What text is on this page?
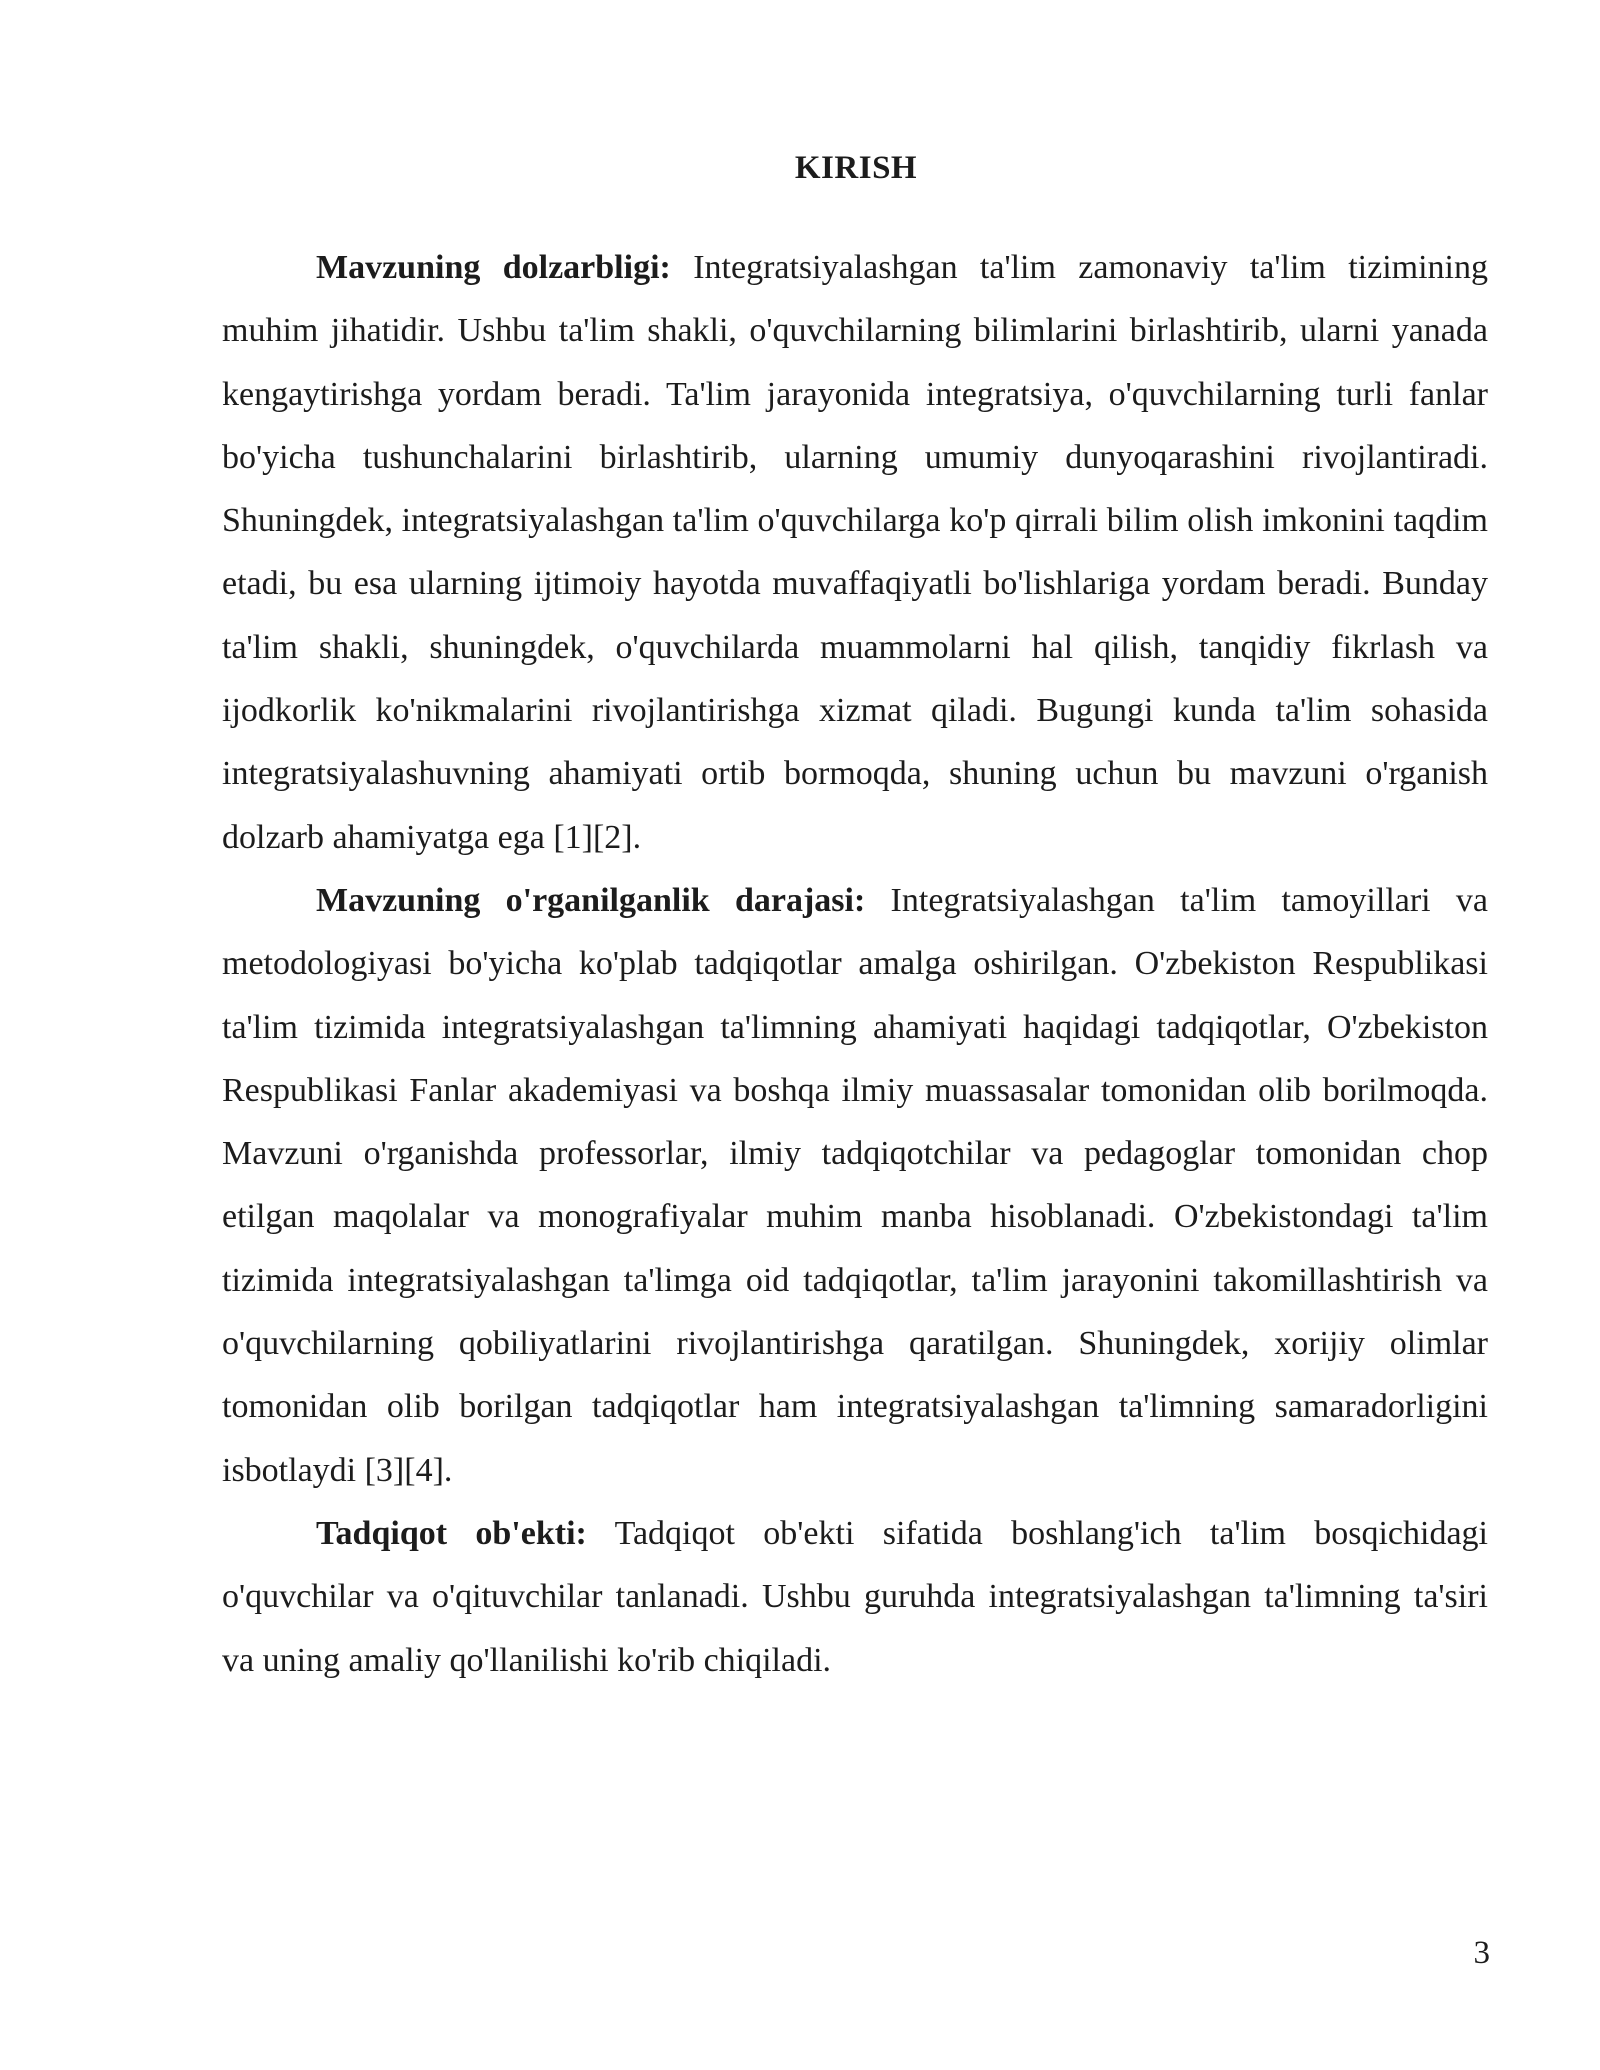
KIRISH

Mavzuning dolzarbligi: Integratsiyalashgan ta'lim zamonaviy ta'lim tizimining muhim jihatidir. Ushbu ta'lim shakli, o'quvchilarning bilimlarini birlashtirib, ularni yanada kengaytirishga yordam beradi. Ta'lim jarayonida integratsiya, o'quvchilarning turli fanlar bo'yicha tushunchalarini birlashtirib, ularning umumiy dunyoqarashini rivojlantiradi. Shuningdek, integratsiyalashgan ta'lim o'quvchilarga ko'p qirrali bilim olish imkonini taqdim etadi, bu esa ularning ijtimoiy hayotda muvaffaqiyatli bo'lishlariga yordam beradi. Bunday ta'lim shakli, shuningdek, o'quvchilarda muammolarni hal qilish, tanqidiy fikrlash va ijodkorlik ko'nikmalarini rivojlantirishga xizmat qiladi. Bugungi kunda ta'lim sohasida integratsiyalashuvning ahamiyati ortib bormoqda, shuning uchun bu mavzuni o'rganish dolzarb ahamiyatga ega [1][2].

Mavzuning o'rganilganlik darajasi: Integratsiyalashgan ta'lim tamoyillari va metodologiyasi bo'yicha ko'plab tadqiqotlar amalga oshirilgan. O'zbekiston Respublikasi ta'lim tizimida integratsiyalashgan ta'limning ahamiyati haqidagi tadqiqotlar, O'zbekiston Respublikasi Fanlar akademiyasi va boshqa ilmiy muassasalar tomonidan olib borilmoqda. Mavzuni o'rganishda professorlar, ilmiy tadqiqotchilar va pedagoglar tomonidan chop etilgan maqolalar va monografiyalar muhim manba hisoblanadi. O'zbekistondagi ta'lim tizimida integratsiyalashgan ta'limga oid tadqiqotlar, ta'lim jarayonini takomillashtirish va o'quvchilarning qobiliyatlarini rivojlantirishga qaratilgan. Shuningdek, xorijiy olimlar tomonidan olib borilgan tadqiqotlar ham integratsiyalashgan ta'limning samaradorligini isbotlaydi [3][4].

Tadqiqot ob'ekti: Tadqiqot ob'ekti sifatida boshlang'ich ta'lim bosqichidagi o'quvchilar va o'qituvchilar tanlanadi. Ushbu guruhda integratsiyalashgan ta'limning ta'siri va uning amaliy qo'llanilishi ko'rib chiqiladi.

3
